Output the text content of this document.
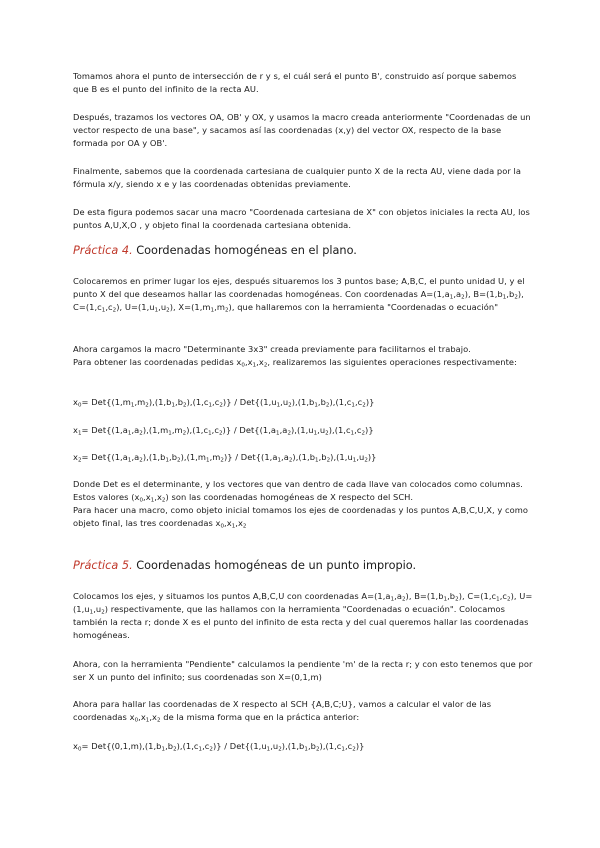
Tomamos ahora el punto de intersección de r y s, el cuál será el punto B', construido así porque sabemos que B es el punto del infinito de la recta AU.

Después, trazamos los vectores OA, OB' y OX, y usamos la macro creada anteriormente "Coordenadas de un vector respecto de una base", y sacamos así las coordenadas (x,y) del vector OX, respecto de la base formada por OA y OB'.

Finalmente, sabemos que la coordenada cartesiana de cualquier punto X de la recta AU, viene dada por la fórmula x/y, siendo x e y las coordenadas obtenidas previamente.

De esta figura podemos sacar una macro "Coordenada cartesiana de X" con objetos iniciales la recta AU, los puntos A,U,X,O , y objeto final la coordenada cartesiana obtenida.

Práctica 4. Coordenadas homogéneas en el plano.

Colocaremos en primer lugar los ejes, después situaremos los 3 puntos base; A,B,C, el punto unidad U, y el punto X del que deseamos hallar las coordenadas homogéneas. Con coordenadas $A=(1,a_1,a_2)$, $B=(1,b_1,b_2)$, $C=(1,c_1,c_2)$, $U=(1,u_1,u_2)$, $X=(1,m_1,m_2)$, que hallaremos con la herramienta "Coordenadas o ecuación"

Ahora cargamos la macro "Determinante 3x3" creada previamente para facilitarnos el trabajo.

Para obtener las coordenadas pedidas $x_0,x_1,x_2$, realizaremos las siguientes operaciones respectivamente:

$x_0= Det\{(1,m_1,m_2),(1,b_1,b_2),(1,c_1,c_2)\} / Det\{(1,u_1,u_2),(1,b_1,b_2),(1,c_1,c_2)\}$
$x_1= Det\{(1,a_1,a_2),(1,m_1,m_2),(1,c_1,c_2)\} / Det\{(1,a_1,a_2),(1,u_1,u_2),(1,c_1,c_2)\}$
$x_2= Det\{(1,a_1,a_2),(1,b_1,b_2),(1,m_1,m_2)\} / Det\{(1,a_1,a_2),(1,b_1,b_2),(1,u_1,u_2)\}$

Donde Det es el determinante, y los vectores que van dentro de cada llave van colocados como columnas.

Estos valores $(x_0,x_1,x_2)$ son las coordenadas homogéneas de X respecto del SCH.

Para hacer una macro, como objeto inicial tomamos los ejes de coordenadas y los puntos A,B,C,U,X, y como objeto final, las tres coordenadas $x_0,x_1,x_2$

Práctica 5. Coordenadas homogéneas de un punto impropio.

Colocamos los ejes, y situamos los puntos A,B,C,U con coordenadas $A=(1,a_1,a_2)$, $B=(1,b_1,b_2)$, $C=(1,c_1,c_2)$, $U=(1,u_1,u_2)$ respectivamente, que las hallamos con la herramienta "Coordenadas o ecuación". Colocamos también la recta r; donde X es el punto del infinito de esta recta y del cual queremos hallar las coordenadas homogéneas.

Ahora, con la herramienta "Pendiente" calculamos la pendiente 'm' de la recta r; y con esto tenemos que por ser X un punto del infinito; sus coordenadas son X=(0,1,m)

Ahora para hallar las coordenadas de X respecto al SCH {A,B,C;U}, vamos a calcular el valor de las coordenadas $x_0,x_1,x_2$ de la misma forma que en la práctica anterior:

$x_0= Det\{(0,1,m),(1,b_1,b_2),(1,c_1,c_2)\} / Det\{(1,u_1,u_2),(1,b_1,b_2),(1,c_1,c_2)\}$
